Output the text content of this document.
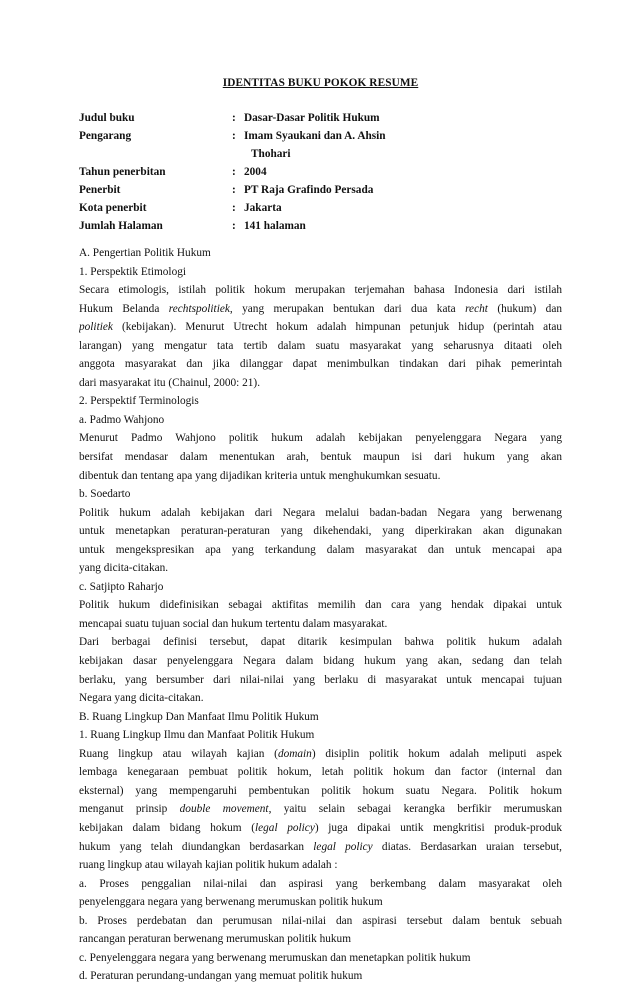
IDENTITAS BUKU POKOK RESUME
Judul buku	: Dasar-Dasar Politik Hukum
Pengarang	: Imam Syaukani dan A. Ahsin
Thohari
Tahun penerbitan	: 2004
Penerbit	: PT Raja Grafindo Persada
Kota penerbit	: Jakarta
Jumlah Halaman	: 141 halaman
A. Pengertian Politik Hukum
1. Perspektik Etimologi
Secara etimologis, istilah politik hokum merupakan terjemahan bahasa Indonesia dari istilah
Hukum Belanda rechtspolitiek, yang merupakan bentukan dari dua kata recht (hukum) dan
politiek (kebijakan). Menurut Utrecht hokum adalah himpunan petunjuk hidup (perintah atau
larangan) yang mengatur tata tertib dalam suatu masyarakat yang seharusnya ditaati oleh
anggota masyarakat dan jika dilanggar dapat menimbulkan tindakan dari pihak pemerintah
dari masyarakat itu (Chainul, 2000: 21).
2. Perspektif Terminologis
a. Padmo Wahjono
Menurut Padmo Wahjono politik hukum adalah kebijakan penyelenggara Negara yang
bersifat mendasar dalam menentukan arah, bentuk maupun isi dari hukum yang akan
dibentuk dan tentang apa yang dijadikan kriteria untuk menghukumkan sesuatu.
b. Soedarto
Politik hukum adalah kebijakan dari Negara melalui badan-badan Negara yang berwenang
untuk menetapkan peraturan-peraturan yang dikehendaki, yang diperkirakan akan digunakan
untuk mengekspresikan apa yang terkandung dalam masyarakat dan untuk mencapai apa
yang dicita-citakan.
c. Satjipto Raharjo
Politik hukum didefinisikan sebagai aktifitas memilih dan cara yang hendak dipakai untuk
mencapai suatu tujuan social dan hukum tertentu dalam masyarakat.
Dari berbagai definisi tersebut, dapat ditarik kesimpulan bahwa politik hukum adalah
kebijakan dasar penyelenggara Negara dalam bidang hukum yang akan, sedang dan telah
berlaku, yang bersumber dari nilai-nilai yang berlaku di masyarakat untuk mencapai tujuan
Negara yang dicita-citakan.
B. Ruang Lingkup Dan Manfaat Ilmu Politik Hukum
1. Ruang Lingkup Ilmu dan Manfaat Politik Hukum
Ruang lingkup atau wilayah kajian (domain) disiplin politik hokum adalah meliputi aspek
lembaga kenegaraan pembuat politik hokum, letah politik hokum dan factor (internal dan
eksternal) yang mempengaruhi pembentukan politik hokum suatu Negara. Politik hokum
menganut prinsip double movement, yaitu selain sebagai kerangka berfikir merumuskan
kebijakan dalam bidang hokum (legal policy) juga dipakai untik mengkritisi produk-produk
hukum yang telah diundangkan berdasarkan legal policy diatas. Berdasarkan uraian tersebut,
ruang lingkup atau wilayah kajian politik hukum adalah :
a. Proses penggalian nilai-nilai dan aspirasi yang berkembang dalam masyarakat oleh
penyelenggara negara yang berwenang merumuskan politik hukum
b. Proses perdebatan dan perumusan nilai-nilai dan aspirasi tersebut dalam bentuk sebuah
rancangan peraturan berwenang merumuskan politik hukum
c. Penyelenggara negara yang berwenang merumuskan dan menetapkan politik hukum
d. Peraturan perundang-undangan yang memuat politik hukum
